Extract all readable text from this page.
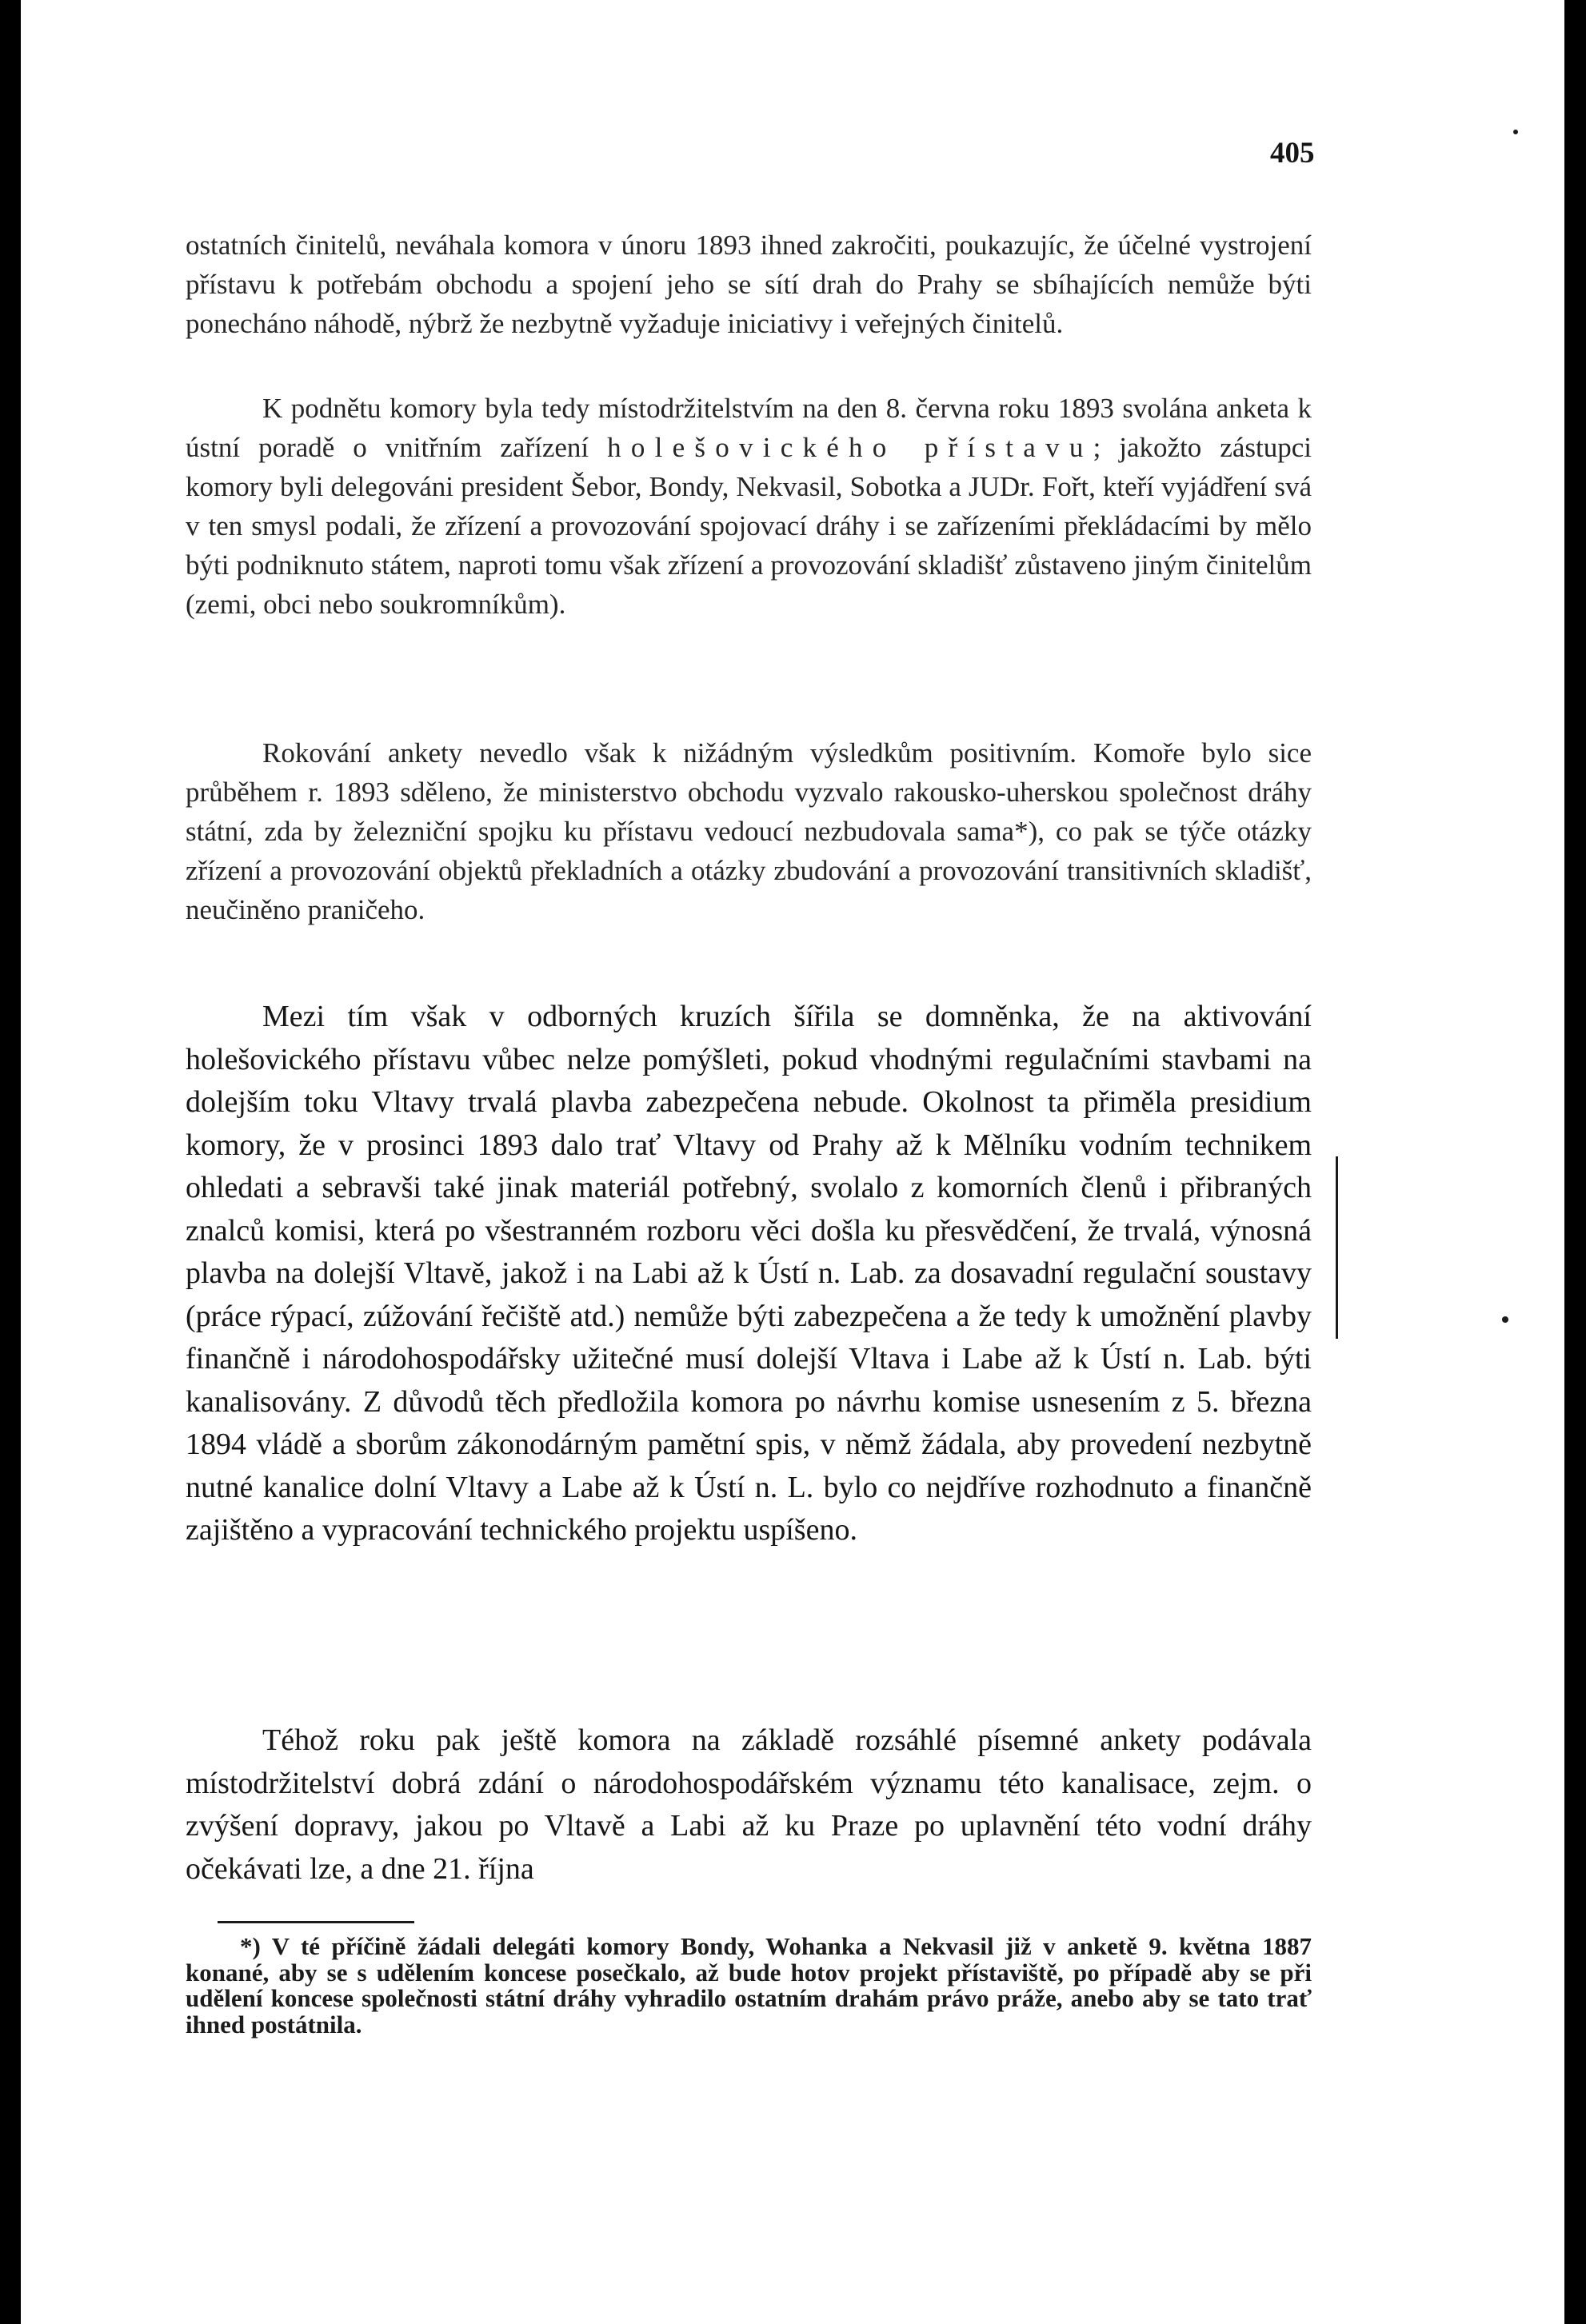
405

ostatních činitelů, neváhala komora v únoru 1893 ihned zakročiti, poukazujíc, že účelné vystrojení přístavu k potřebám obchodu a spojení jeho se sítí drah do Prahy se sbíhajících nemůže býti ponecháno náhodě, nýbrž že nezbytně vyžaduje iniciativy i veřejných činitelů.

K podnětu komory byla tedy místodržitelstvím na den 8. června roku 1893 svolána anketa k ústní poradě o vnitřním zařízení holešovického přístavu; jakožto zástupci komory byli delegováni president Šebor, Bondy, Nekvasil, Sobotka a JUDr. Fořt, kteří vyjádření svá v ten smysl podali, že zřízení a provozování spojovací dráhy i se zařízeními překládacími by mělo býti podniknuto státem, naproti tomu však zřízení a provozování skladišť zůstaveno jiným činitelům (zemi, obci nebo soukromníkům).

Rokování ankety nevedlo však k nižádným výsledkům positivním. Komoře bylo sice průběhem r. 1893 sděleno, že ministerstvo obchodu vyzvalo rakousko-uherskou společnost dráhy státní, zda by železniční spojku ku přístavu vedoucí nezbudovala sama*), co pak se týče otázky zřízení a provozování objektů překladních a otázky zbudování a provozování transitivních skladišť, neučiněno praničeho.

Mezi tím však v odborných kruzích šířila se domněnka, že na aktivování holešovického přístavu vůbec nelze pomýšleti, pokud vhodnými regulačními stavbami na dolejším toku Vltavy trvalá plavba zabezpečena nebude. Okolnost ta přiměla presidium komory, že v prosinci 1893 dalo trať Vltavy od Prahy až k Mělníku vodním technikem ohledati a sebravši také jinak materiál potřebný, svolalo z komorních členů i přibraných znalců komisi, která po všestranném rozboru věci došla ku přesvědčení, že trvalá, výnosná plavba na dolejší Vltavě, jakož i na Labi až k Ústí n. Lab. za dosavadní regulační soustavy (práce rýpací, zúžování řečiště atd.) nemůže býti zabezpečena a že tedy k umožnění plavby finančně i národohospodářsky užitečné musí dolejší Vltava i Labe až k Ústí n. Lab. býti kanalisovány. Z důvodů těch předložila komora po návrhu komise usnesením z 5. března 1894 vládě a sborům zákonodárným pamětní spis, v němž žádala, aby provedení nezbytně nutné kanalice dolní Vltavy a Labe až k Ústí n. L. bylo co nejdříve rozhodnuto a finančně zajištěno a vypracování technického projektu uspíšeno.

Téhož roku pak ještě komora na základě rozsáhlé písemné ankety podávala místodržitelství dobrá zdání o národohospodářském významu této kanalisace, zejm. o zvýšení dopravy, jakou po Vltavě a Labi až ku Praze po uplavnění této vodní dráhy očekávati lze, a dne 21. října

*) V té příčině žádali delegáti komory Bondy, Wohanka a Nekvasil již v anketě 9. května 1887 konané, aby se s udělením koncese posečkalo, až bude hotov projekt přístaviště, po případě aby se při udělení koncese společnosti státní dráhy vyhradilo ostatním drahám právo práže, anebo aby se tato trať ihned postátnila.
